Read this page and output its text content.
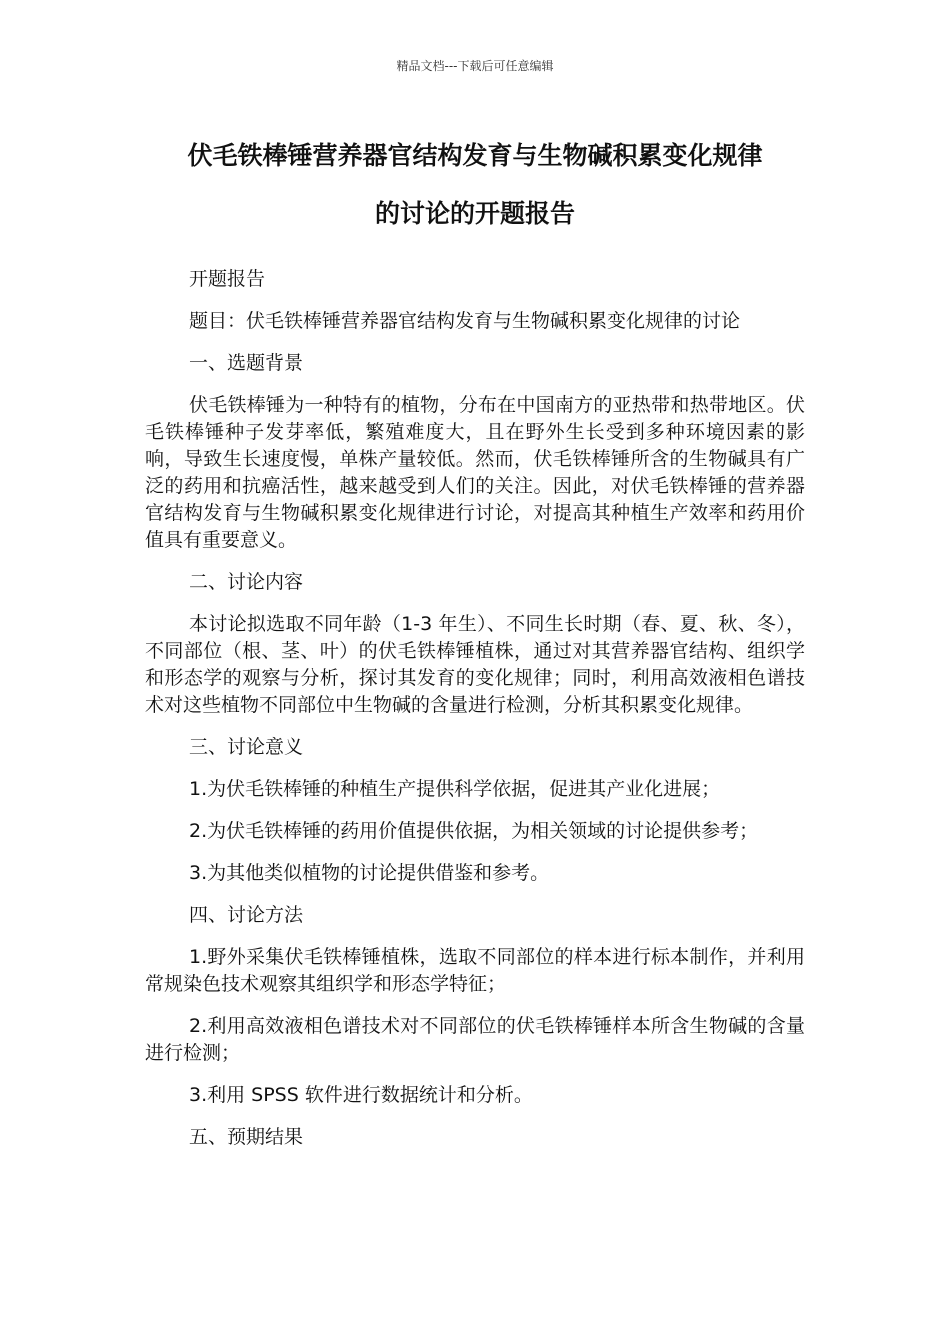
精品文档---下载后可任意编辑
伏毛铁棒锤营养器官结构发育与生物碱积累变化规律
的讨论的开题报告

开题报告

题目：伏毛铁棒锤营养器官结构发育与生物碱积累变化规律的讨论

一、选题背景

伏毛铁棒锤为一种特有的植物，分布在中国南方的亚热带和热带地区。伏毛铁棒锤种子发芽率低，繁殖难度大，且在野外生长受到多种环境因素的影响，导致生长速度慢，单株产量较低。然而，伏毛铁棒锤所含的生物碱具有广泛的药用和抗癌活性，越来越受到人们的关注。因此，对伏毛铁棒锤的营养器官结构发育与生物碱积累变化规律进行讨论，对提高其种植生产效率和药用价值具有重要意义。

二、讨论内容

本讨论拟选取不同年龄（1-3 年生）、不同生长时期（春、夏、秋、冬），不同部位（根、茎、叶）的伏毛铁棒锤植株，通过对其营养器官结构、组织学和形态学的观察与分析，探讨其发育的变化规律；同时，利用高效液相色谱技术对这些植物不同部位中生物碱的含量进行检测，分析其积累变化规律。

三、讨论意义

1.为伏毛铁棒锤的种植生产提供科学依据，促进其产业化进展；

2.为伏毛铁棒锤的药用价值提供依据，为相关领域的讨论提供参考；

3.为其他类似植物的讨论提供借鉴和参考。

四、讨论方法

1.野外采集伏毛铁棒锤植株，选取不同部位的样本进行标本制作，并利用常规染色技术观察其组织学和形态学特征；

2.利用高效液相色谱技术对不同部位的伏毛铁棒锤样本所含生物碱的含量进行检测；

3.利用 SPSS 软件进行数据统计和分析。

五、预期结果
